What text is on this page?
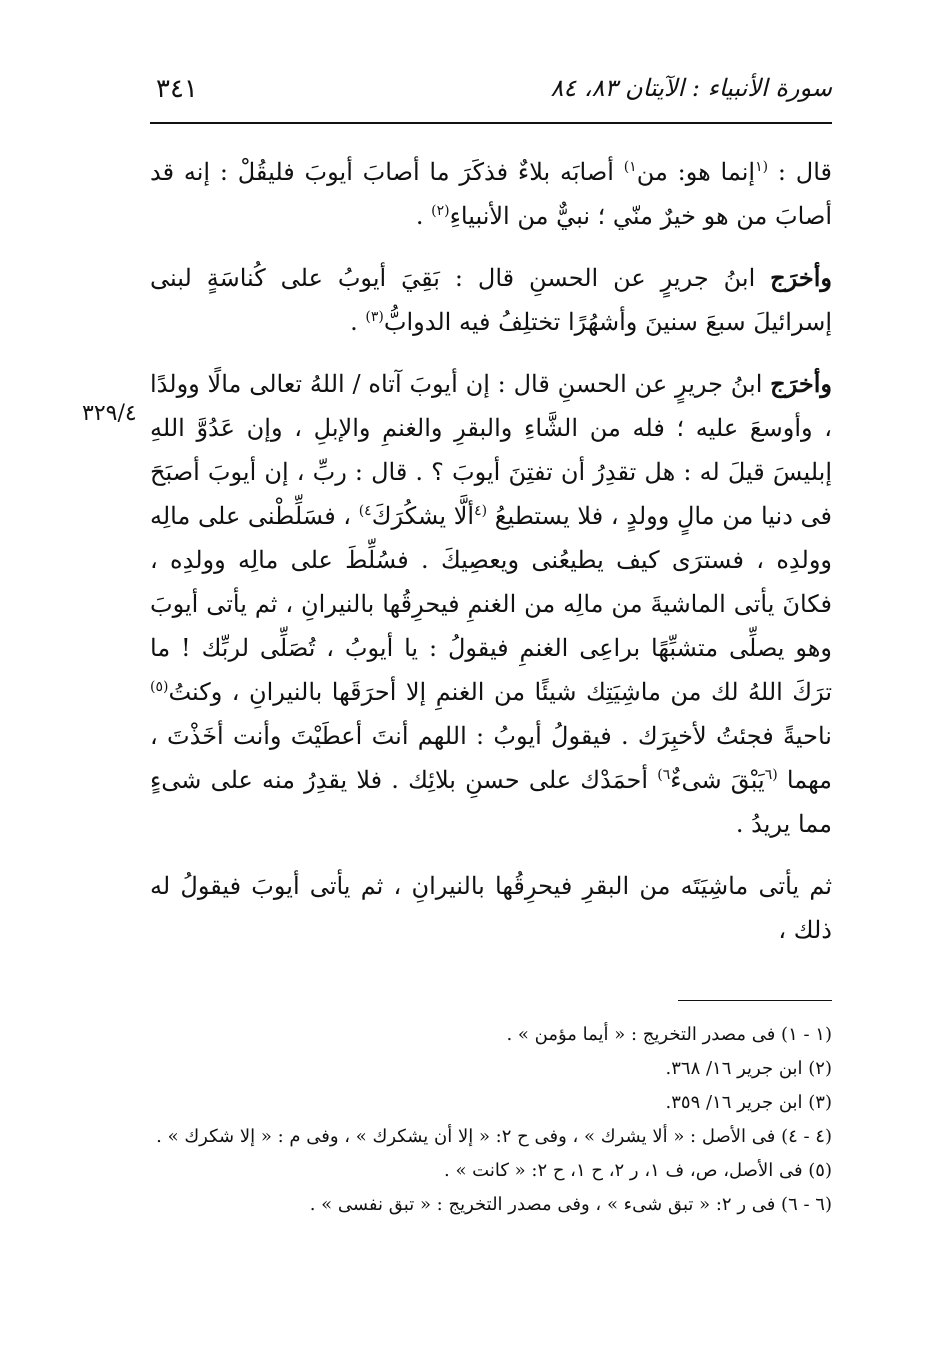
سورة الأنبياء : الآيتان ٨٣، ٨٤
٣٤١
٣٢٩/٤

قال : $^{(١}$إنما هو: من$^{١)}$ أصابَه بلاءٌ فذكَرَ ما أصابَ أيوبَ فليقُلْ : إنه قد أصابَ من هو خيرٌ منّي ؛ نبيٌّ من الأنبياءِ$^{(٢)}$ .

وأخرَج ابنُ جريرٍ عن الحسنِ قال : بَقِيَ أيوبُ على كُناسَةٍ لبنى إسرائيلَ سبعَ سنينَ وأشهُرًا تختلِفُ فيه الدوابُّ$^{(٣)}$ .

وأخرَج ابنُ جريرٍ عن الحسنِ قال : إن أيوبَ آتاه / اللهُ تعالى مالًا وولدًا ، وأوسعَ عليه ؛ فله من الشَّاءِ والبقرِ والغنمِ والإبلِ ، وإن عَدُوَّ اللهِ إبليسَ قيلَ له : هل تقدِرُ أن تفتِنَ أيوبَ ؟ . قال : ربِّ ، إن أيوبَ أصبَحَ فى دنيا من مالٍ وولدٍ ، فلا يستطيعُ $^{(٤}$ألَّا يشكُرَكَ$^{٤)}$ ، فسَلِّطْنى على مالِه وولدِه ، فسترَى كيف يطيعُنى ويعصِيكَ . فسُلِّطَ على مالِه وولدِه ، فكانَ يأتى الماشيةَ من مالِه من الغنمِ فيحرِقُها بالنيرانِ ، ثم يأتى أيوبَ وهو يصلِّى متشبِّهًا براعِى الغنمِ فيقولُ : يا أيوبُ ، تُصَلِّى لربِّك ! ما ترَكَ اللهُ لك من ماشِيَتِك شيئًا من الغنمِ إلا أحرَقَها بالنيرانِ ، وكنتُ$^{(٥)}$ ناحيةً فجئتُ لأخبِرَك . فيقولُ أيوبُ : اللهم أنتَ أعطَيْتَ وأنت أخَذْتَ ، مهما $^{(٦}$يَبْقَ شىءٌ$^{٦)}$ أحمَدْك على حسنِ بلائِك . فلا يقدِرُ منه على شىءٍ مما يريدُ .

ثم يأتى ماشِيَتَه من البقرِ فيحرِقُها بالنيرانِ ، ثم يأتى أيوبَ فيقولُ له ذلك ،

(١ - ١) فى مصدر التخريج : « أيما مؤمن » .

(٢) ابن جرير ١٦/ ٣٦٨.

(٣) ابن جرير ١٦/ ٣٥٩.

(٤ - ٤) فى الأصل : « ألا يشرك » ، وفى ح ٢: « إلا أن يشكرك » ، وفى م : « إلا شكرك » .

(٥) فى الأصل، ص، ف ١، ر ٢، ح ١، ح ٢: « كانت » .

(٦ - ٦) فى ر ٢: « تبق شىء » ، وفى مصدر التخريج : « تبق نفسى » .
